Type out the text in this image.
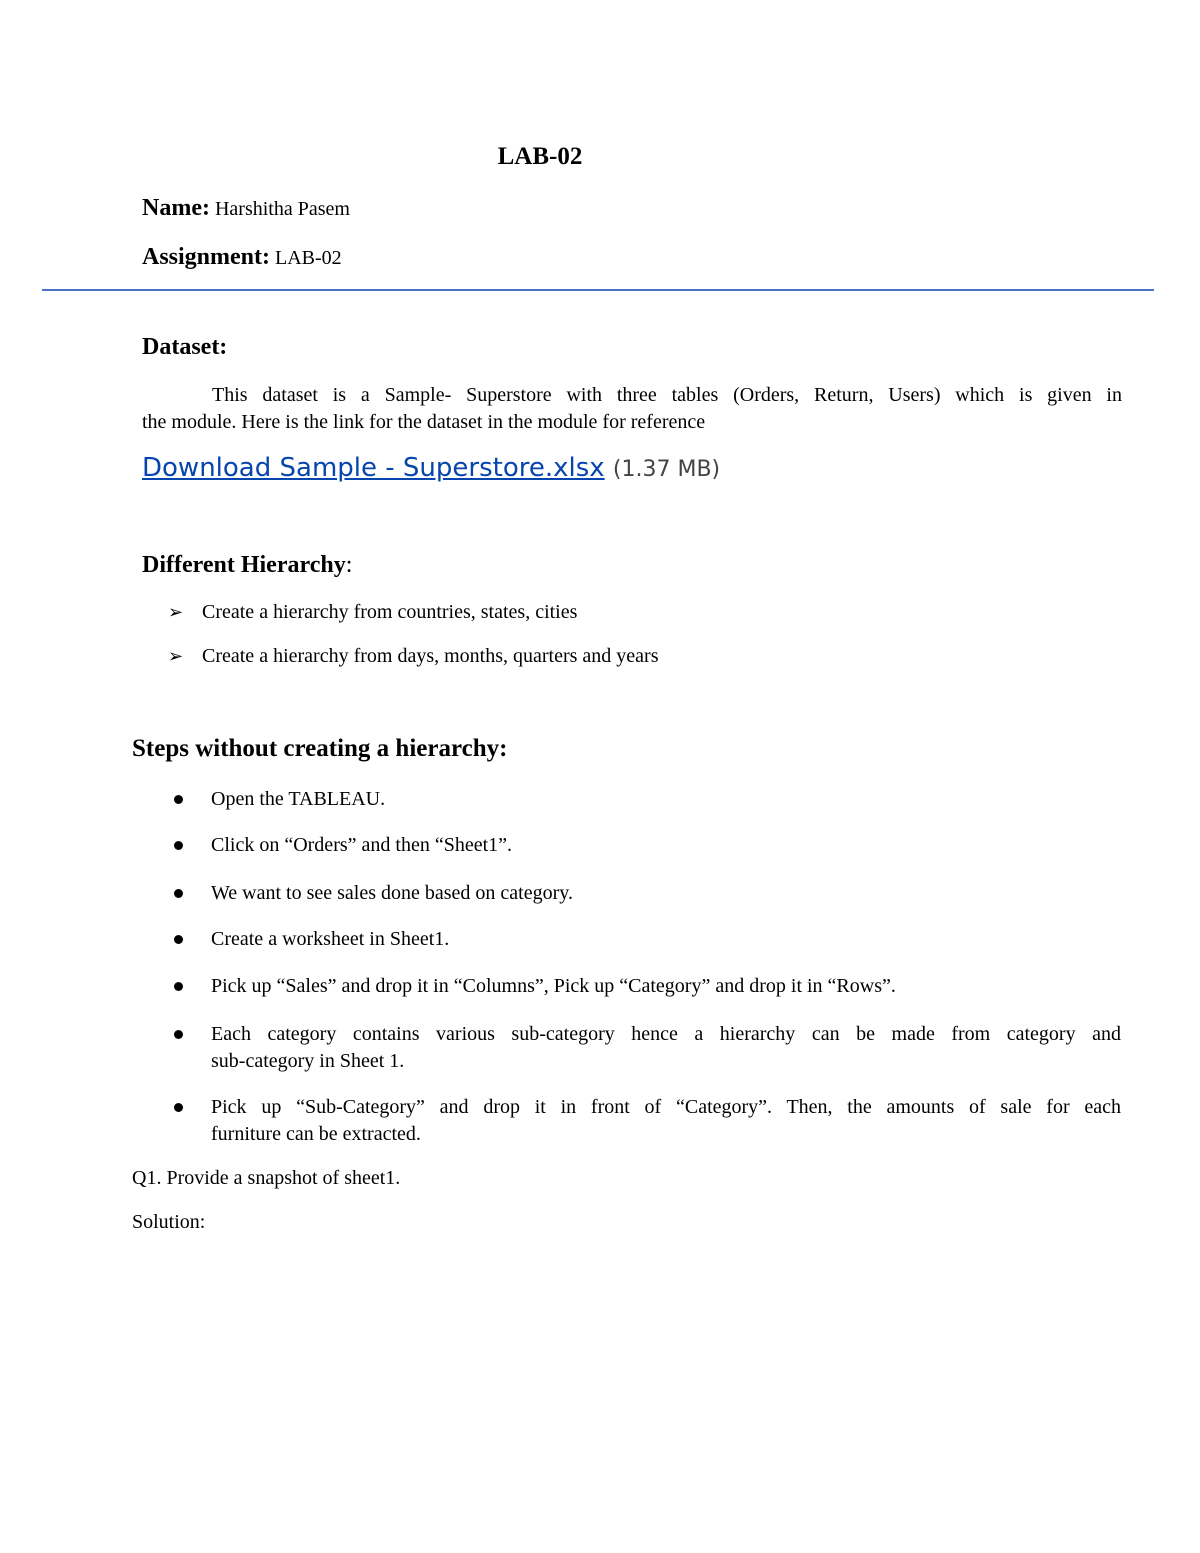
LAB-02
Name: Harshitha Pasem
Assignment: LAB-02
Dataset:
This dataset is a Sample- Superstore with three tables (Orders, Return, Users) which is given in
the module. Here is the link for the dataset in the module for reference
Download Sample - Superstore.xlsx (1.37 MB)
Different Hierarchy:
➢ Create a hierarchy from countries, states, cities
➢ Create a hierarchy from days, months, quarters and years
Steps without creating a hierarchy:
Open the TABLEAU.
Click on “Orders” and then “Sheet1”.
We want to see sales done based on category.
Create a worksheet in Sheet1.
Pick up “Sales” and drop it in “Columns”, Pick up “Category” and drop it in “Rows”.
Each category contains various sub-category hence a hierarchy can be made from category and
sub-category in Sheet 1.
Pick up “Sub-Category” and drop it in front of “Category”. Then, the amounts of sale for each
furniture can be extracted.
Q1. Provide a snapshot of sheet1.
Solution:
